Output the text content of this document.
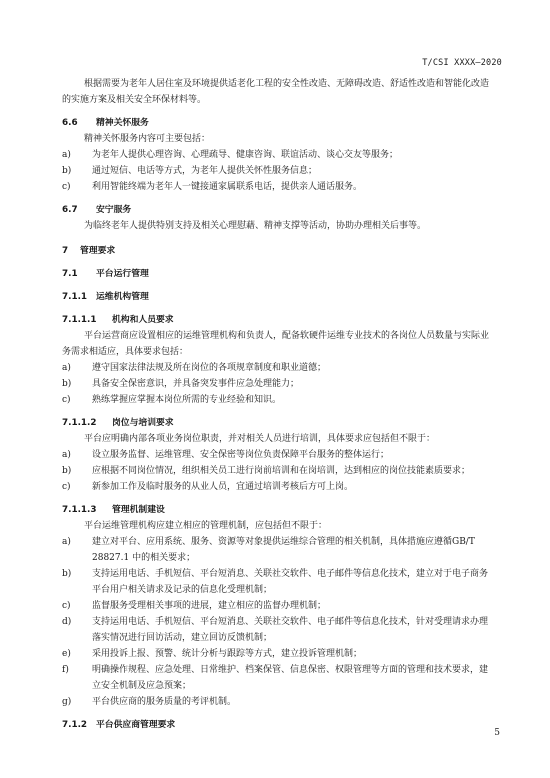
T/CSI XXXX—2020

根据需要为老年人居住室及环境提供适老化工程的安全性改造、无障碍改造、舒适性改造和智能化改造的实施方案及相关安全环保材料等。

6.6 精神关怀服务

精神关怀服务内容可主要包括：

a) 为老年人提供心理咨询、心理疏导、健康咨询、联谊活动、谈心交友等服务；
b) 通过短信、电话等方式，为老年人提供关怀性服务信息；
c) 利用智能终端为老年人一键接通家属联系电话，提供亲人通话服务。

6.7 安宁服务

为临终老年人提供特别支持及相关心理慰藉、精神支撑等活动，协助办理相关后事等。

7 管理要求

7.1 平台运行管理

7.1.1 运维机构管理

7.1.1.1 机构和人员要求

平台运营商应设置相应的运维管理机构和负责人，配备软硬件运维专业技术的各岗位人员数量与实际业务需求相适应，具体要求包括：

a) 遵守国家法律法规及所在岗位的各项规章制度和职业道德；
b) 具备安全保密意识，并具备突发事件应急处理能力；
c) 熟练掌握应掌握本岗位所需的专业经验和知识。

7.1.1.2 岗位与培训要求

平台应明确内部各项业务岗位职责，并对相关人员进行培训，具体要求应包括但不限于：

a) 设立服务监督、运维管理、安全保密等岗位负责保障平台服务的整体运行；
b) 应根据不同岗位情况，组织相关员工进行岗前培训和在岗培训，达到相应的岗位技能素质要求；
c) 新参加工作及临时服务的从业人员，宜通过培训考核后方可上岗。

7.1.1.3 管理机制建设

平台运维管理机构应建立相应的管理机制，应包括但不限于：

a) 建立对平台、应用系统、服务、资源等对象提供运维综合管理的相关机制，具体措施应遵循GB/T 28827.1 中的相关要求；
b) 支持运用电话、手机短信、平台短消息、关联社交软件、电子邮件等信息化技术，建立对于电子商务平台用户相关请求及记录的信息化受理机制；
c) 监督服务受理相关事项的进展，建立相应的监督办理机制；
d) 支持运用电话、手机短信、平台短消息、关联社交软件、电子邮件等信息化技术，针对受理请求办理落实情况进行回访活动，建立回访反馈机制；
e) 采用投诉上报、预警、统计分析与跟踪等方式，建立投诉管理机制；
f)	明确操作规程、应急处理、日常维护、档案保管、信息保密、权限管理等方面的管理和技术要求，建立安全机制及应急预案；
g) 平台供应商的服务质量的考评机制。

7.1.2 平台供应商管理要求

5
